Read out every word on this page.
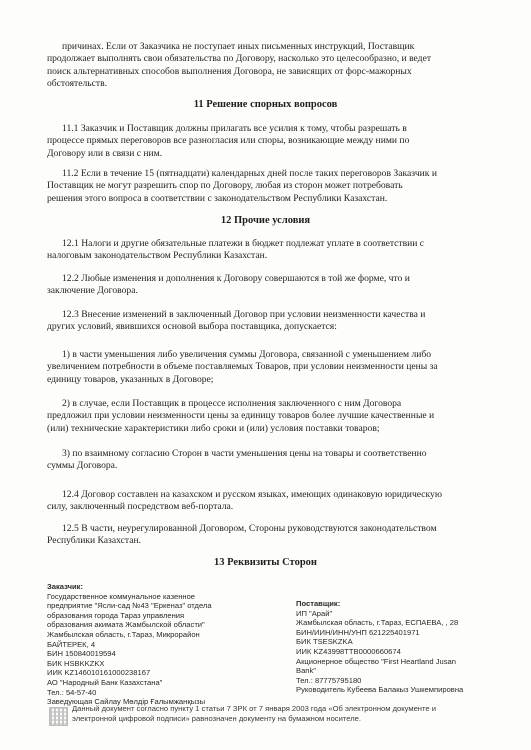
причинах. Если от Заказчика не поступает иных письменных инструкций, Поставщик
продолжает выполнять свои обязательства по Договору, насколько это целесообразно, и ведет
поиск альтернативных способов выполнения Договора, не зависящих от форс-мажорных
обстоятельств.
11 Решение спорных вопросов
11.1 Заказчик и Поставщик должны прилагать все усилия к тому, чтобы разрешать в
процессе прямых переговоров все разногласия или споры, возникающие между ними по
Договору или в связи с ним.
11.2 Если в течение 15 (пятнадцати) календарных дней после таких переговоров Заказчик и
Поставщик не могут разрешить спор по Договору, любая из сторон может потребовать
решения этого вопроса в соответствии с законодательством Республики Казахстан.
12 Прочие условия
12.1 Налоги и другие обязательные платежи в бюджет подлежат уплате в соответствии с
налоговым законодательством Республики Казахстан.
12.2 Любые изменения и дополнения к Договору совершаются в той же форме, что и
заключение Договора.
12.3 Внесение изменений в заключенный Договор при условии неизменности качества и
других условий, явившихся основой выбора поставщика, допускается:
1) в части уменьшения либо увеличения суммы Договора, связанной с уменьшением либо
увеличением потребности в объеме поставляемых Товаров, при условии неизменности цены за
единицу товаров, указанных в Договоре;
2) в случае, если Поставщик в процессе исполнения заключенного с ним Договора
предложил при условии неизменности цены за единицу товаров более лучшие качественные и
(или) технические характеристики либо сроки и (или) условия поставки товаров;
3) по взаимному согласию Сторон в части уменьшения цены на товары и соответственно
суммы Договора.
12.4 Договор составлен на казахском и русском языках, имеющих одинаковую юридическую
силу, заключенный посредством веб-портала.
12.5 В части, неурегулированной Договором, Стороны руководствуются законодательством
Республики Казахстан.
13 Реквизиты Сторон
Заказчик:
Государственное коммунальное казенное
предприятие "Ясли-сад №43 "Еркеназ" отдела
образования города Тараз управления
образования акимата Жамбылской области"
Жамбылская область, г.Тараз, Микрорайон
БАЙТЕРЕК, 4
БИН 150840019594
БИК HSBKKZKX
ИИК KZ146010161000238167
АО "Народный Банк Казахстана"
Тел.: 54-57-40
Заведующая Сайлау Мөлдір Ғалымжанқызы
Поставщик:
ИП "Арай"
Жамбылская область, г.Тараз, ЕСПАЕВА, , 28
БИН/ИИН/ИНН/УНП 621225401971
БИК TSESKZKA
ИИК KZ43998TTB0000660674
Акционерное общество "First Heartland Jusan
Bank"
Тел.: 87775795180
Руководитель Кубеева Балакыз Ушкемпировна
Данный документ согласно пункту 1 статьи 7 ЗРК от 7 января 2003 года «Об электронном документе и
электронной цифровой подписи» равнозначен документу на бумажном носителе.
